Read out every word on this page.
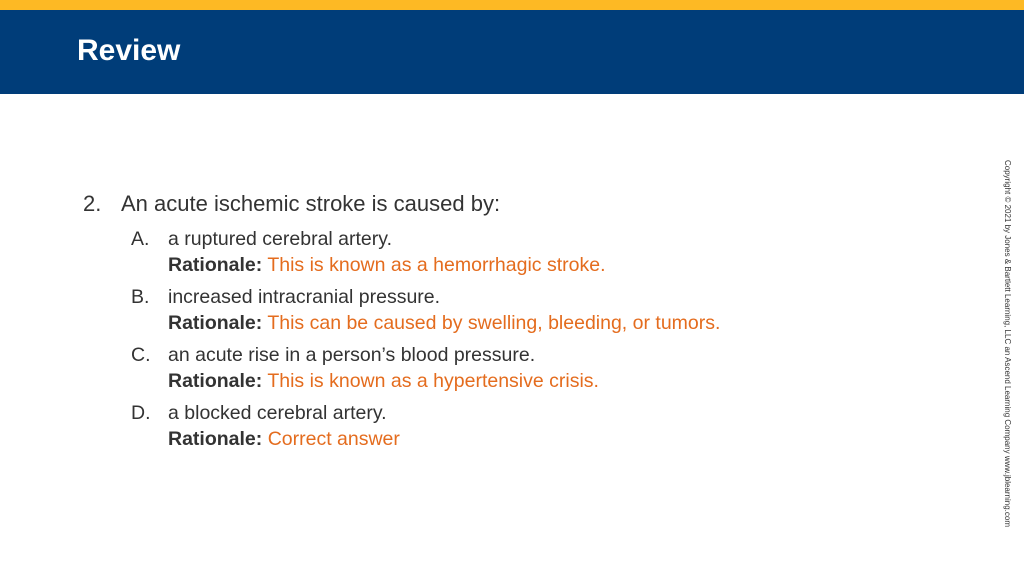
Review
2. An acute ischemic stroke is caused by:
A. a ruptured cerebral artery.
Rationale: This is known as a hemorrhagic stroke.
B. increased intracranial pressure.
Rationale: This can be caused by swelling, bleeding, or tumors.
C. an acute rise in a person’s blood pressure.
Rationale: This is known as a hypertensive crisis.
D. a blocked cerebral artery.
Rationale: Correct answer	Copyright © 2021 by Jones & Bartlett Learning, LLC an Ascend Learning Company www.jblearning.com
